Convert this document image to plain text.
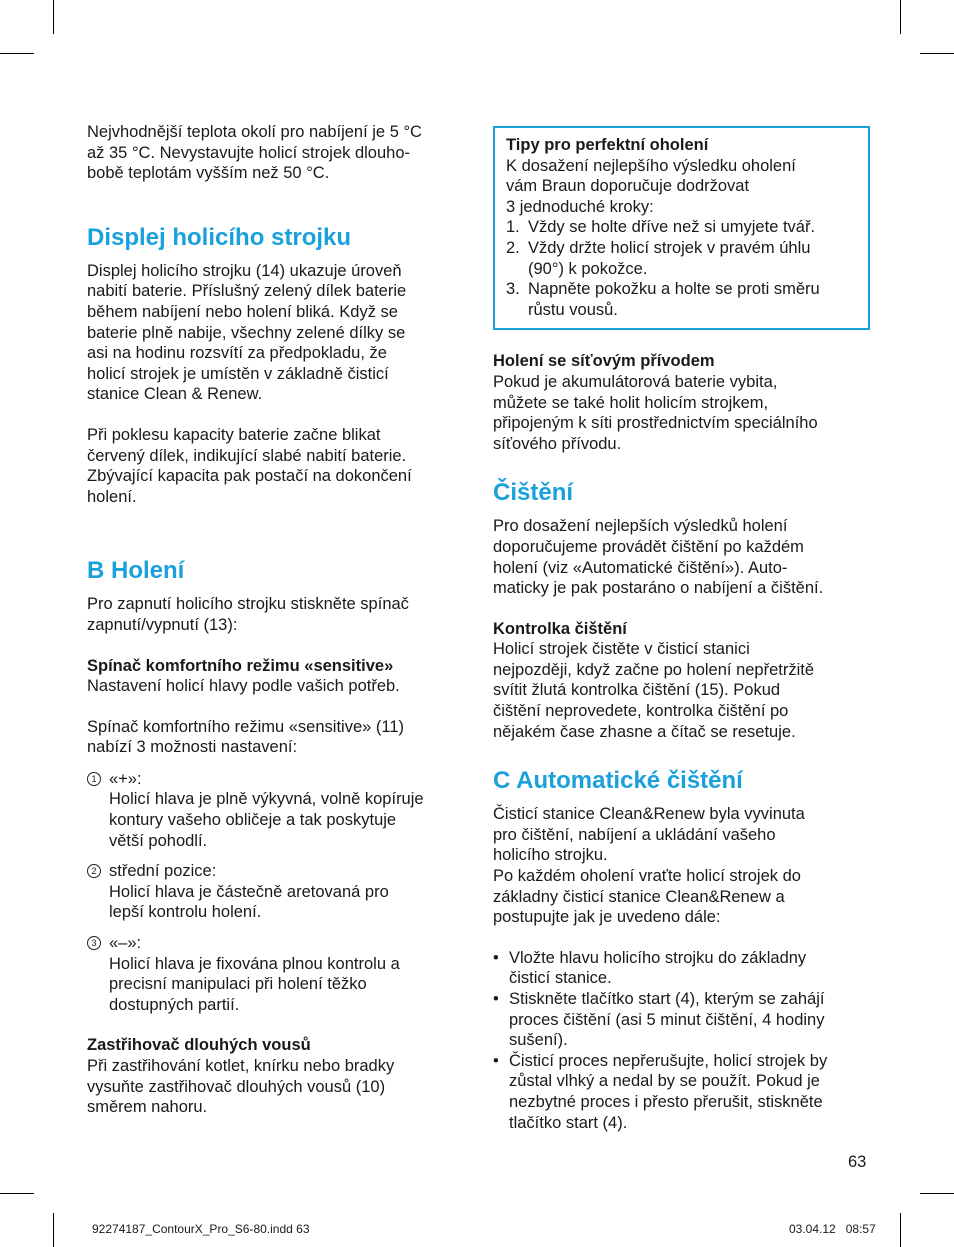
Nejvhodnější teplota okolí pro nabíjení je 5 °C
až 35 °C. Nevystavujte holicí strojek dlouho-
bobě teplotám vyšším než 50 °C.

Displej holicího strojku

Displej holicího strojku (14) ukazuje úroveň
nabití baterie. Příslušný zelený dílek baterie
během nabíjení nebo holení bliká. Když se
baterie plně nabije, všechny zelené dílky se
asi na hodinu rozsvítí za předpokladu, že
holicí strojek je umístěn v základně čisticí
stanice Clean & Renew.

Při poklesu kapacity baterie začne blikat
červený dílek, indikující slabé nabití baterie.
Zbývající kapacita pak postačí na dokončení
holení.

B Holení

Pro zapnutí holicího strojku stiskněte spínač
zapnutí/vypnutí (13):

Spínač komfortního režimu «sensitive»

Nastavení holicí hlavy podle vašich potřeb.

Spínač komfortního režimu «sensitive» (11)
nabízí 3 možnosti nastavení:

1 «+»:
Holicí hlava je plně výkyvná, volně kopíruje
kontury vašeho obličeje a tak poskytuje
větší pohodlí.
2 střední pozice:
Holicí hlava je částečně aretovaná pro
lepší kontrolu holení.
3 «–»:
Holicí hlava je fixována plnou kontrolu a
precisní manipulaci při holení těžko
dostupných partií.

Zastřihovač dlouhých vousů

Při zastřihování kotlet, knírku nebo bradky
vysuňte zastřihovač dlouhých vousů (10)
směrem nahoru.

Tipy pro perfektní oholení

K dosažení nejlepšího výsledku oholení
vám Braun doporučuje dodržovat
3 jednoduché kroky:

1. Vždy se holte dříve než si umyjete tvář.
2. Vždy držte holicí strojek v pravém úhlu
(90°) k pokožce.
3. Napněte pokožku a holte se proti směru
růstu vousů.

Holení se síťovým přívodem

Pokud je akumulátorová baterie vybita,
můžete se také holit holicím strojkem,
připojeným k síti prostřednictvím speciálního
síťového přívodu.

Čištění

Pro dosažení nejlepších výsledků holení
doporučujeme provádět čištění po každém
holení (viz «Automatické čištění»). Auto-
maticky je pak postaráno o nabíjení a čištění.

Kontrolka čištění

Holicí strojek čistěte v čisticí stanici
nejpozději, když začne po holení nepřetržitě
svítit žlutá kontrolka čištění (15). Pokud
čištění neprovedete, kontrolka čištění po
nějakém čase zhasne a čítač se resetuje.

C Automatické čištění

Čisticí stanice Clean&Renew byla vyvinuta
pro čištění, nabíjení a ukládání vašeho
holicího strojku.
Po každém oholení vraťte holicí strojek do
základny čisticí stanice Clean&Renew a
postupujte jak je uvedeno dále:

• Vložte hlavu holicího strojku do základny
čisticí stanice.
• Stiskněte tlačítko start (4), kterým se zahájí
proces čištění (asi 5 minut čištění, 4 hodiny
sušení).
• Čisticí proces nepřerušujte, holicí strojek by
zůstal vlhký a nedal by se použít. Pokud je
nezbytné proces i přesto přerušit, stiskněte
tlačítko start (4).
63
92274187_ContourX_Pro_S6-80.indd 63	03.04.12 08:57
